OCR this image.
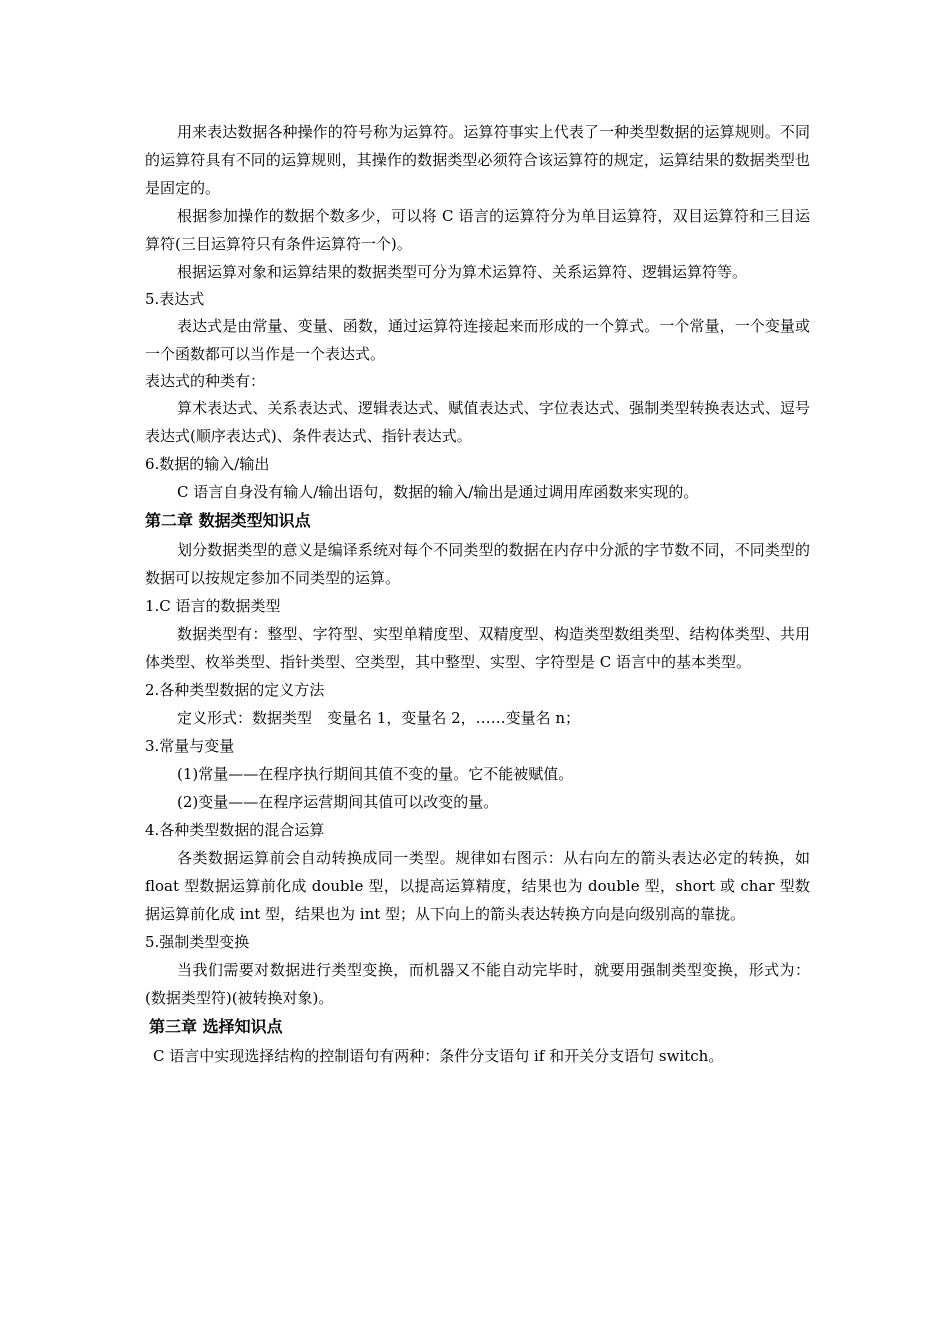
用来表达数据各种操作的符号称为运算符。运算符事实上代表了一种类型数据的运算规则。不同的运算符具有不同的运算规则，其操作的数据类型必须符合该运算符的规定，运算结果的数据类型也是固定的。

根据参加操作的数据个数多少，可以将 C 语言的运算符分为单目运算符，双目运算符和三目运算符(三目运算符只有条件运算符一个)。

根据运算对象和运算结果的数据类型可分为算术运算符、关系运算符、逻辑运算符等。

5.表达式

表达式是由常量、变量、函数，通过运算符连接起来而形成的一个算式。一个常量，一个变量或一个函数都可以当作是一个表达式。

表达式的种类有：

算术表达式、关系表达式、逻辑表达式、赋值表达式、字位表达式、强制类型转换表达式、逗号表达式(顺序表达式)、条件表达式、指针表达式。

6.数据的输入/输出

C 语言自身没有输人/输出语句，数据的输入/输出是通过调用库函数来实现的。

第二章 数据类型知识点

划分数据类型的意义是编译系统对每个不同类型的数据在内存中分派的字节数不同，不同类型的数据可以按规定参加不同类型的运算。

1.C 语言的数据类型

数据类型有：整型、字符型、实型单精度型、双精度型、构造类型数组类型、结构体类型、共用体类型、枚举类型、指针类型、空类型，其中整型、实型、字符型是 C 语言中的基本类型。

2.各种类型数据的定义方法

定义形式：数据类型　变量名 1，变量名 2，……变量名 n；

3.常量与变量

(1)常量——在程序执行期间其值不变的量。它不能被赋值。

(2)变量——在程序运营期间其值可以改变的量。

4.各种类型数据的混合运算

各类数据运算前会自动转换成同一类型。规律如右图示：从右向左的箭头表达必定的转换，如 float 型数据运算前化成 double 型，以提高运算精度，结果也为 double 型，short 或 char 型数据运算前化成 int 型，结果也为 int 型；从下向上的箭头表达转换方向是向级别高的靠拢。

5.强制类型变换

当我们需要对数据进行类型变换，而机器又不能自动完毕时，就要用强制类型变换，形式为：(数据类型符)(被转换对象)。

第三章 选择知识点

C 语言中实现选择结构的控制语句有两种：条件分支语句 if 和开关分支语句 switch。
